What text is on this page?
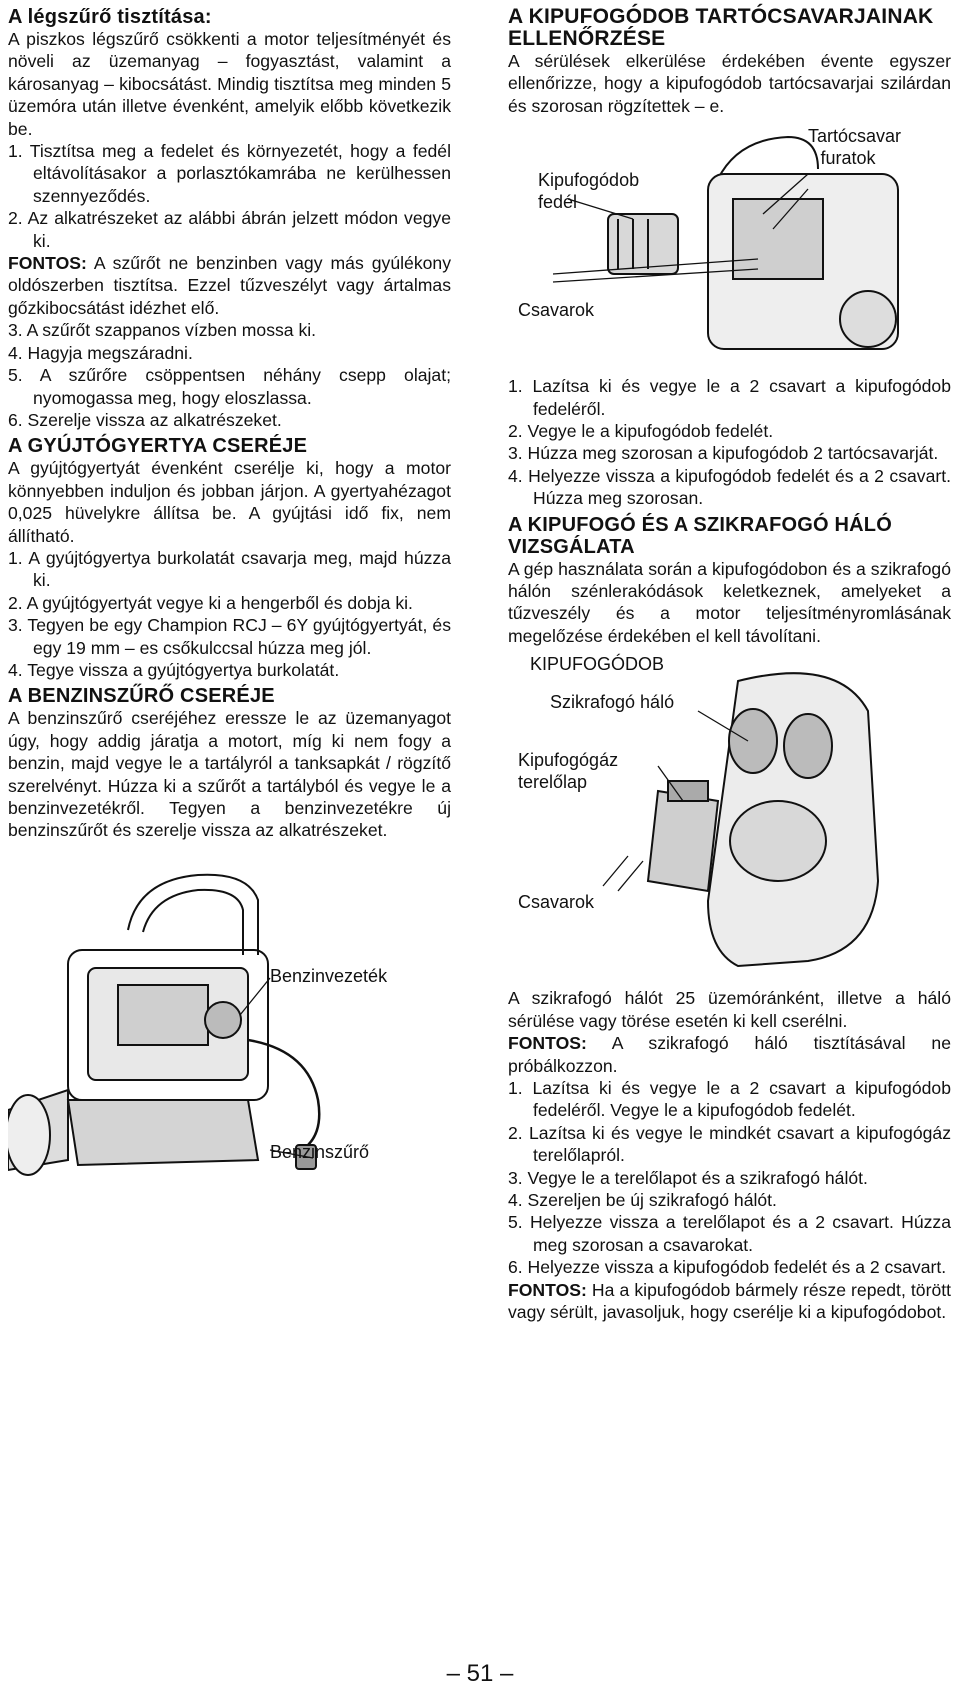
A légszűrő tisztítása:

A piszkos légszűrő csökkenti a motor teljesítményét és növeli az üzemanyag – fogyasztást, valamint a károsanyag – kibocsátást. Mindig tisztítsa meg minden 5 üzemóra után illetve évenként, amelyik előbb következik be.

1. Tisztítsa meg a fedelet és környezetét, hogy a fedél eltávolításakor a porlasztókamrába ne kerülhessen szennyeződés.
2. Az alkatrészeket az alábbi ábrán jelzett módon vegye ki.

FONTOS: A szűrőt ne benzinben vagy más gyúlékony oldószerben tisztítsa. Ezzel tűzveszélyt vagy ártalmas gőzkibocsátást idézhet elő.

3. A szűrőt szappanos vízben mossa ki.
4. Hagyja megszáradni.
5. A szűrőre csöppentsen néhány csepp olajat; nyomogassa meg, hogy eloszlassa.
6. Szerelje vissza az alkatrészeket.
A GYÚJTÓGYERTYA CSERÉJE

A gyújtógyertyát évenként cserélje ki, hogy a motor könnyebben induljon és jobban járjon. A gyertyahézagot 0,025 hüvelykre állítsa be. A gyújtási idő fix, nem állítható.

1. A gyújtógyertya burkolatát csavarja meg, majd húzza ki.
2. A gyújtógyertyát vegye ki a hengerből és dobja ki.
3. Tegyen be egy Champion RCJ – 6Y gyújtógyertyát, és egy 19 mm – es csőkulccsal húzza meg jól.
4. Tegye vissza a gyújtógyertya burkolatát.
A BENZINSZŰRŐ CSERÉJE

A benzinszűrő cseréjéhez eressze le az üzemanyagot úgy, hogy addig járatja a motort, míg ki nem fogy a benzin, majd vegye le a tartályról a tanksapkát / rögzítő szerelvényt. Húzza ki a szűrőt a tartályból és vegye le a benzinvezetékről. Tegyen a benzinvezetékre új benzinszűrőt és szerelje vissza az alkatrészeket.

Benzinvezeték
Benzinszűrő
A KIPUFOGÓDOB TARTÓCSAVARJAINAK ELLENŐRZÉSE

A sérülések elkerülése érdekében évente egyszer ellenőrizze, hogy a kipufogódob tartócsavarjai szilárdan és szorosan rögzítettek – e.

Kipufogódob fedél
Tartócsavar furatok
Csavarok
1. Lazítsa ki és vegye le a 2 csavart a kipufogódob fedeléről.
2. Vegye le a kipufogódob fedelét.
3. Húzza meg szorosan a kipufogódob 2 tartócsavarját.
4. Helyezze vissza a kipufogódob fedelét és a 2 csavart. Húzza meg szorosan.
A KIPUFOGÓ ÉS A SZIKRAFOGÓ HÁLÓ VIZSGÁLATA

A gép használata során a kipufogódobon és a szikrafogó hálón szénlerakódások keletkeznek, amelyeket a tűzveszély és a motor teljesítményromlásának megelőzése érdekében el kell távolítani.

KIPUFOGÓDOB
Szikrafogó háló
Kipufogógáz terelőlap
Csavarok

A szikrafogó hálót 25 üzemóránként, illetve a háló sérülése vagy törése esetén ki kell cserélni.

FONTOS: A szikrafogó háló tisztításával ne próbálkozzon.

1. Lazítsa ki és vegye le a 2 csavart a kipufogódob fedeléről. Vegye le a kipufogódob fedelét.
2. Lazítsa ki és vegye le mindkét csavart a kipufogógáz terelőlapról.
3. Vegye le a terelőlapot és a szikrafogó hálót.
4. Szereljen be új szikrafogó hálót.
5. Helyezze vissza a terelőlapot és a 2 csavart. Húzza meg szorosan a csavarokat.
6. Helyezze vissza a kipufogódob fedelét és a 2 csavart.

FONTOS: Ha a kipufogódob bármely része repedt, törött vagy sérült, javasoljuk, hogy cserélje ki a kipufogódobot.

– 51 –
